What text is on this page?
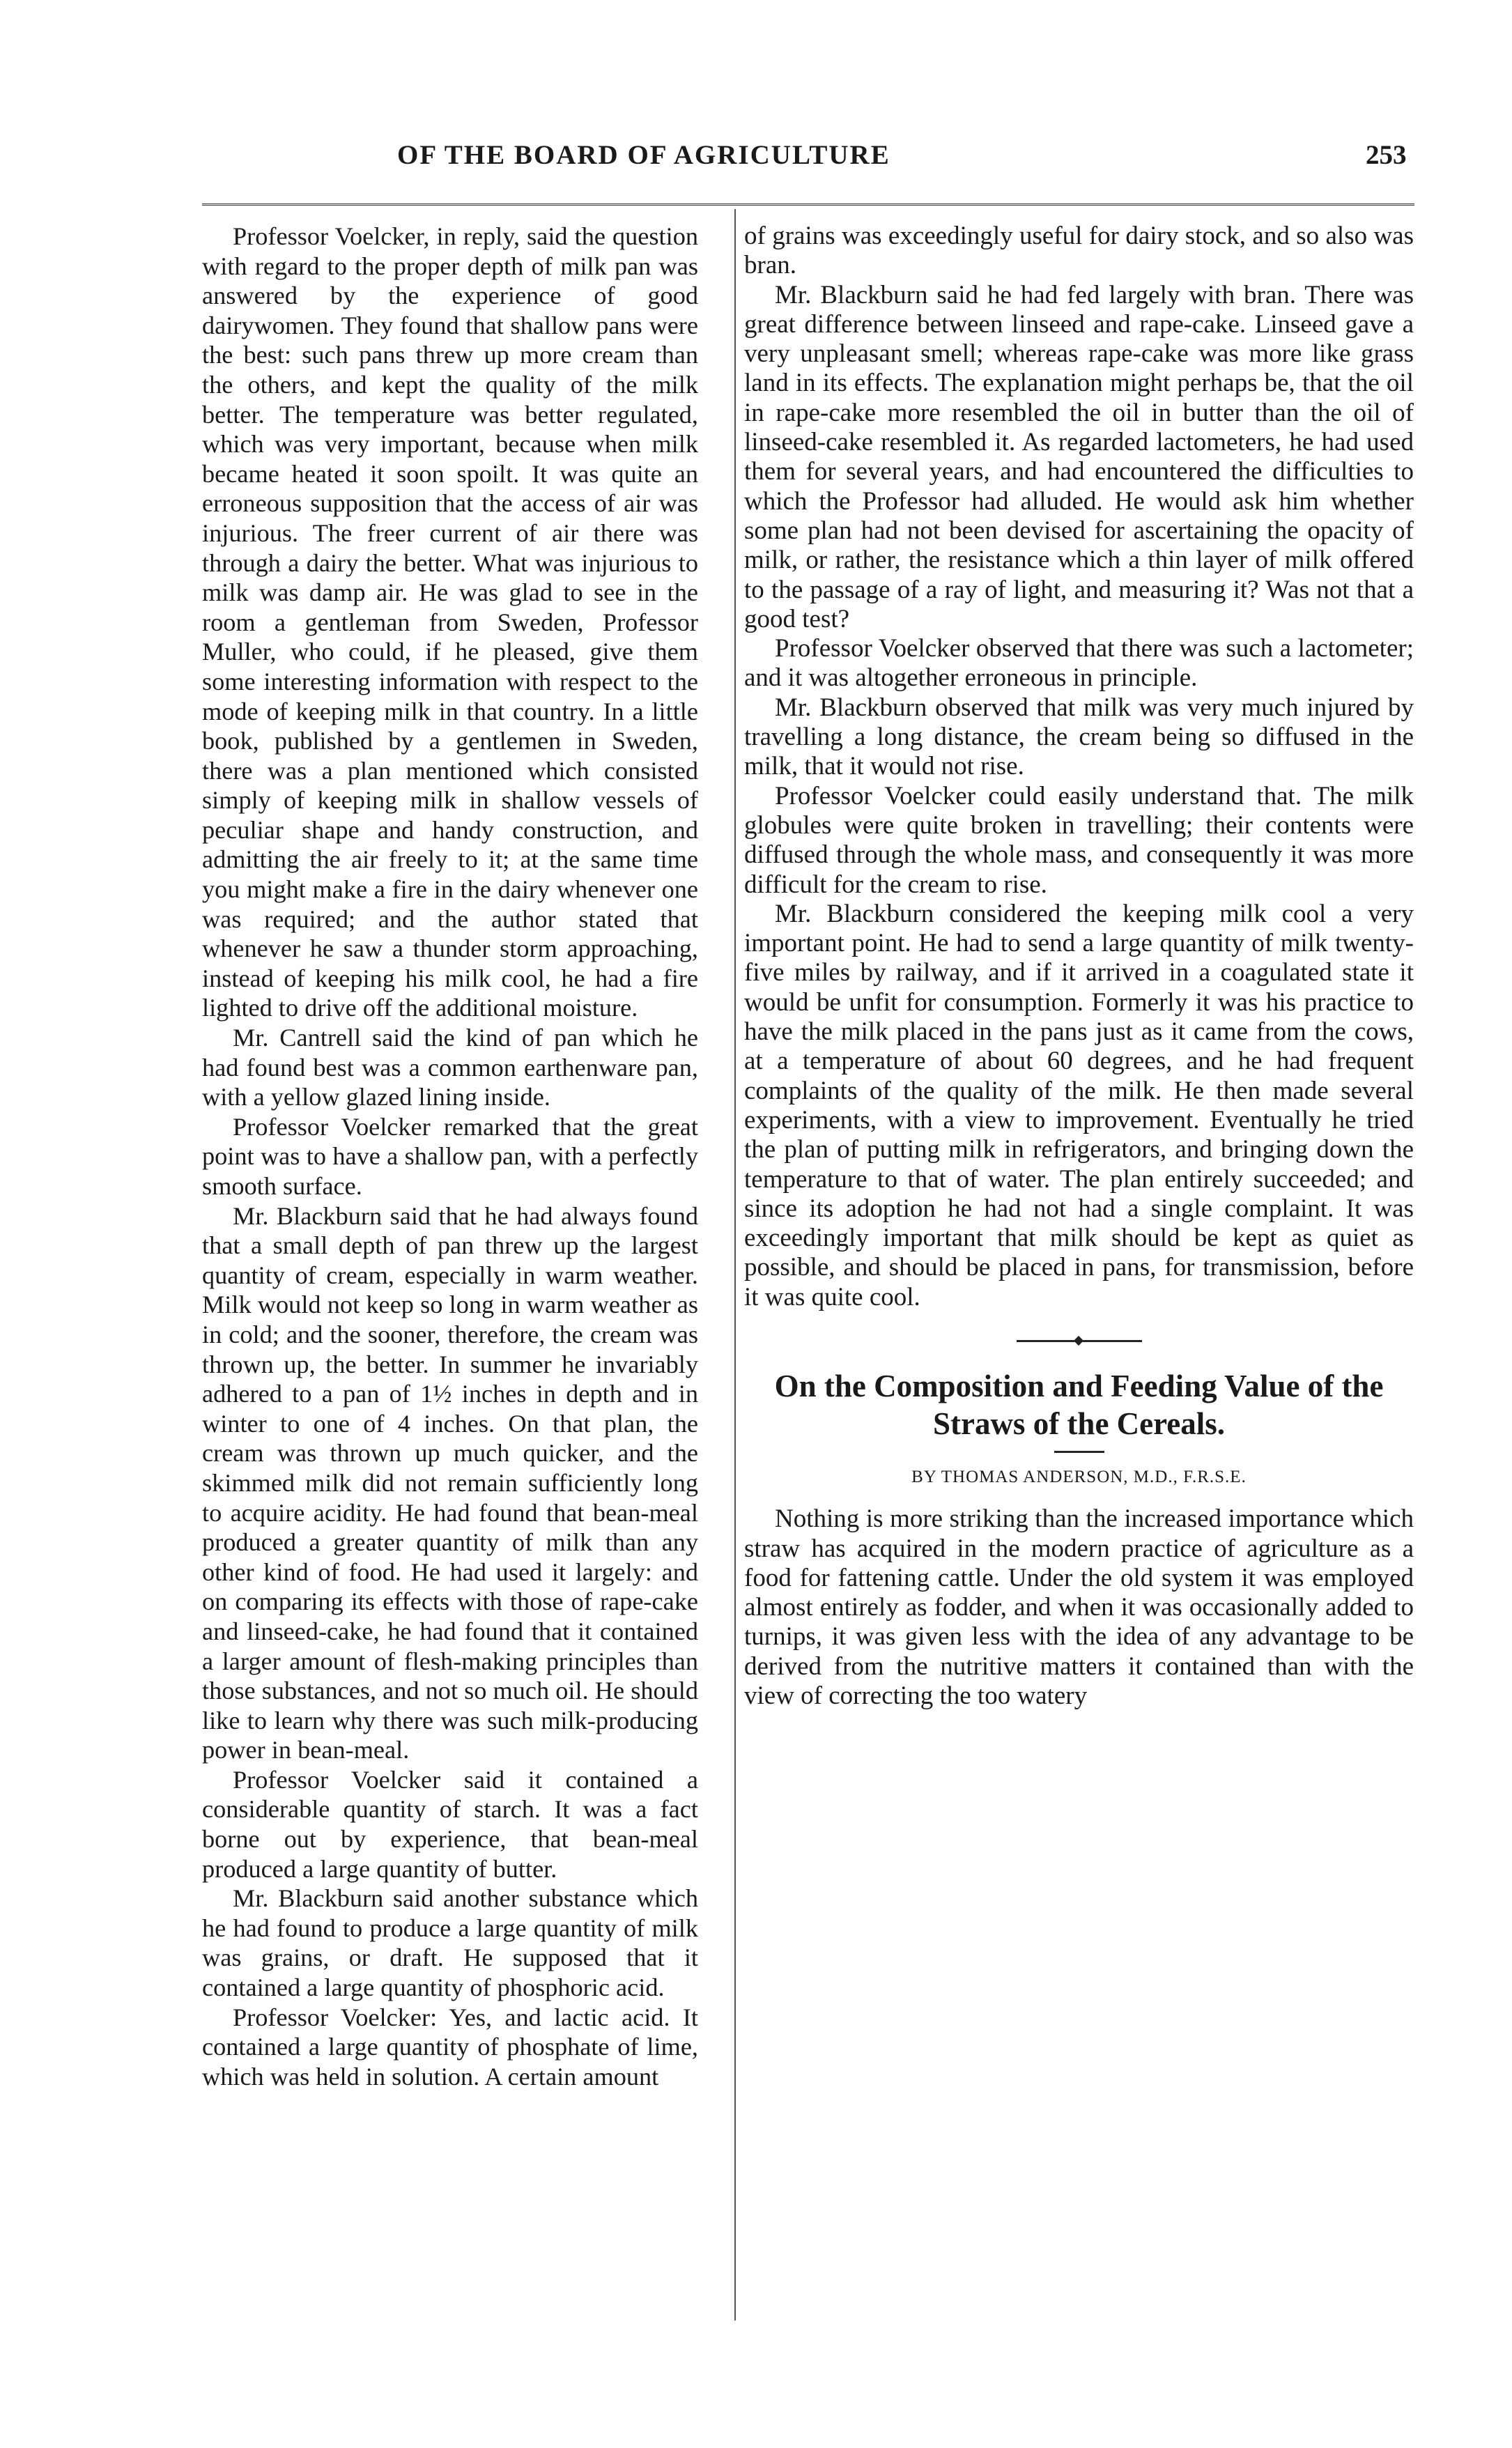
OF THE BOARD OF AGRICULTURE	253

Professor Voelcker, in reply, said the question with regard to the proper depth of milk pan was answered by the experience of good dairywomen. They found that shallow pans were the best: such pans threw up more cream than the others, and kept the quality of the milk better. The temperature was better regulated, which was very important, because when milk became heated it soon spoilt. It was quite an erroneous supposition that the access of air was injurious. The freer current of air there was through a dairy the better. What was injurious to milk was damp air. He was glad to see in the room a gentleman from Sweden, Professor Muller, who could, if he pleased, give them some interesting information with respect to the mode of keeping milk in that country. In a little book, published by a gentlemen in Sweden, there was a plan mentioned which consisted simply of keeping milk in shallow vessels of peculiar shape and handy construction, and admitting the air freely to it; at the same time you might make a fire in the dairy whenever one was required; and the author stated that whenever he saw a thunder storm approaching, instead of keeping his milk cool, he had a fire lighted to drive off the additional moisture.

Mr. Cantrell said the kind of pan which he had found best was a common earthenware pan, with a yellow glazed lining inside.

Professor Voelcker remarked that the great point was to have a shallow pan, with a perfectly smooth surface.

Mr. Blackburn said that he had always found that a small depth of pan threw up the largest quantity of cream, especially in warm weather. Milk would not keep so long in warm weather as in cold; and the sooner, therefore, the cream was thrown up, the better. In summer he invariably adhered to a pan of 1½ inches in depth and in winter to one of 4 inches. On that plan, the cream was thrown up much quicker, and the skimmed milk did not remain sufficiently long to acquire acidity. He had found that bean-meal produced a greater quantity of milk than any other kind of food. He had used it largely: and on comparing its effects with those of rape-cake and linseed-cake, he had found that it contained a larger amount of flesh-making principles than those substances, and not so much oil. He should like to learn why there was such milk-producing power in bean-meal.

Professor Voelcker said it contained a considerable quantity of starch. It was a fact borne out by experience, that bean-meal produced a large quantity of butter.

Mr. Blackburn said another substance which he had found to produce a large quantity of milk was grains, or draft. He supposed that it contained a large quantity of phosphoric acid.

Professor Voelcker: Yes, and lactic acid. It contained a large quantity of phosphate of lime, which was held in solution. A certain amount

of grains was exceedingly useful for dairy stock, and so also was bran.

Mr. Blackburn said he had fed largely with bran. There was great difference between linseed and rape-cake. Linseed gave a very unpleasant smell; whereas rape-cake was more like grass land in its effects. The explanation might perhaps be, that the oil in rape-cake more resembled the oil in butter than the oil of linseed-cake resembled it. As regarded lactometers, he had used them for several years, and had encountered the difficulties to which the Professor had alluded. He would ask him whether some plan had not been devised for ascertaining the opacity of milk, or rather, the resistance which a thin layer of milk offered to the passage of a ray of light, and measuring it? Was not that a good test?

Professor Voelcker observed that there was such a lactometer; and it was altogether erroneous in principle.

Mr. Blackburn observed that milk was very much injured by travelling a long distance, the cream being so diffused in the milk, that it would not rise.

Professor Voelcker could easily understand that. The milk globules were quite broken in travelling; their contents were diffused through the whole mass, and consequently it was more difficult for the cream to rise.

Mr. Blackburn considered the keeping milk cool a very important point. He had to send a large quantity of milk twenty-five miles by railway, and if it arrived in a coagulated state it would be unfit for consumption. Formerly it was his practice to have the milk placed in the pans just as it came from the cows, at a temperature of about 60 degrees, and he had frequent complaints of the quality of the milk. He then made several experiments, with a view to improvement. Eventually he tried the plan of putting milk in refrigerators, and bringing down the temperature to that of water. The plan entirely succeeded; and since its adoption he had not had a single complaint. It was exceedingly important that milk should be kept as quiet as possible, and should be placed in pans, for transmission, before it was quite cool.

On the Composition and Feeding Value of the Straws of the Cereals.
BY THOMAS ANDERSON, M.D., F.R.S.E.

Nothing is more striking than the increased importance which straw has acquired in the modern practice of agriculture as a food for fattening cattle. Under the old system it was employed almost entirely as fodder, and when it was occasionally added to turnips, it was given less with the idea of any advantage to be derived from the nutritive matters it contained than with the view of correcting the too watery
